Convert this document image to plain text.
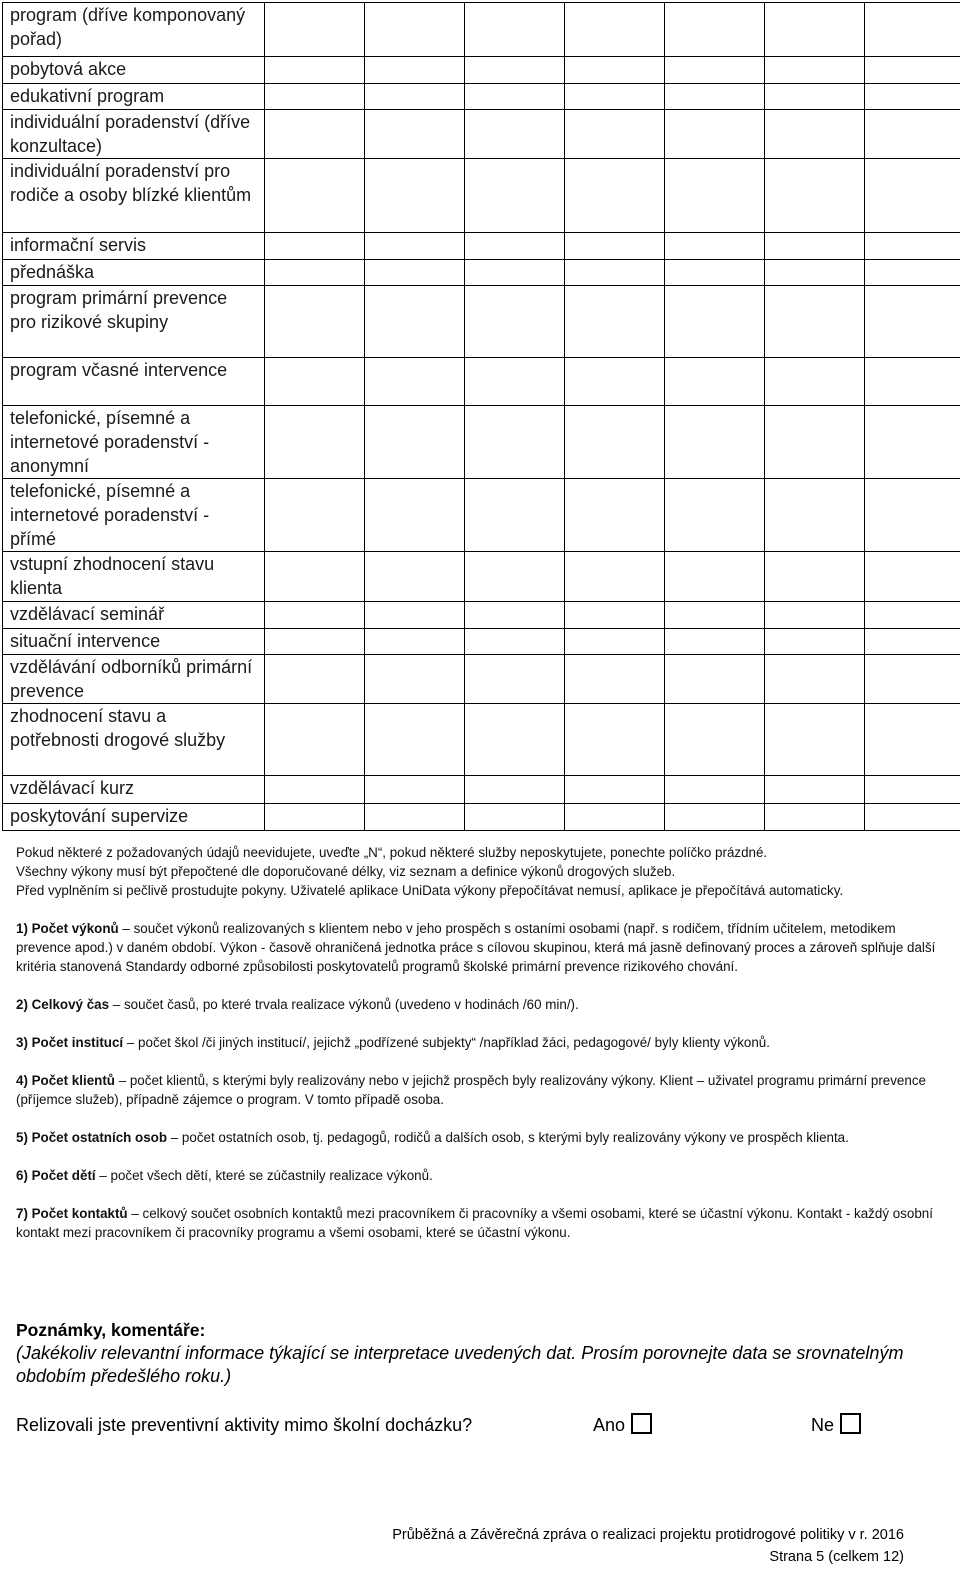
program (dříve komponovaný pořad)							
pobytová akce							
edukativní program							
individuální poradenství (dříve konzultace)							
individuální poradenství pro rodiče a osoby blízké klientům							
informační servis							
přednáška							
program primární prevence pro rizikové skupiny							
program včasné intervence							
telefonické, písemné a internetové poradenství - anonymní							
telefonické, písemné a internetové poradenství - přímé							
vstupní zhodnocení stavu klienta							
vzdělávací seminář							
situační intervence							
vzdělávání odborníků primární prevence							
zhodnocení stavu a potřebnosti drogové služby							
vzdělávací kurz							
poskytování supervize							

Pokud některé z požadovaných údajů neevidujete, uveďte „N“, pokud některé služby neposkytujete, ponechte políčko prázdné.

Všechny výkony musí být přepočtené dle doporučované délky, viz seznam a definice výkonů drogových služeb.

Před vyplněním si pečlivě prostudujte pokyny. Uživatelé aplikace UniData výkony přepočítávat nemusí, aplikace je přepočítává automaticky.

1) Počet výkonů – součet výkonů realizovaných s klientem nebo v jeho prospěch s ostaními osobami (např. s rodičem, třídním učitelem, metodikem prevence apod.) v daném období. Výkon - časově ohraničená jednotka práce s cílovou skupinou, která má jasně definovaný proces a zároveň splňuje další kritéria stanovená Standardy odborné způsobilosti poskytovatelů programů školské primární prevence rizikového chování.

2) Celkový čas – součet časů, po které trvala realizace výkonů (uvedeno v hodinách /60 min/).

3) Počet institucí – počet škol /či jiných institucí/, jejichž „podřízené subjekty“ /například žáci, pedagogové/ byly klienty výkonů.

4) Počet klientů – počet klientů, s kterými byly realizovány nebo v jejichž prospěch byly realizovány výkony. Klient – uživatel programu primární prevence (příjemce služeb), případně zájemce o program. V tomto případě osoba.

5) Počet ostatních osob – počet ostatních osob, tj. pedagogů, rodičů a dalších osob, s kterými byly realizovány výkony ve prospěch klienta.

6) Počet dětí – počet všech dětí, které se zúčastnily realizace výkonů.

7) Počet kontaktů – celkový součet osobních kontaktů mezi pracovníkem či pracovníky a všemi osobami, které se účastní výkonu. Kontakt - každý osobní kontakt mezi pracovníkem či pracovníky programu a všemi osobami, které se účastní výkonu.

Poznámky, komentáře:

(Jakékoliv relevantní informace týkající se interpretace uvedených dat. Prosím porovnejte data se srovnatelným obdobím předešlého roku.)

Relizovali jste preventivní aktivity mimo školní docházku?	Ano	Ne

Průběžná a Závěrečná zpráva o realizaci projektu protidrogové politiky v r. 2016

Strana 5 (celkem 12)
